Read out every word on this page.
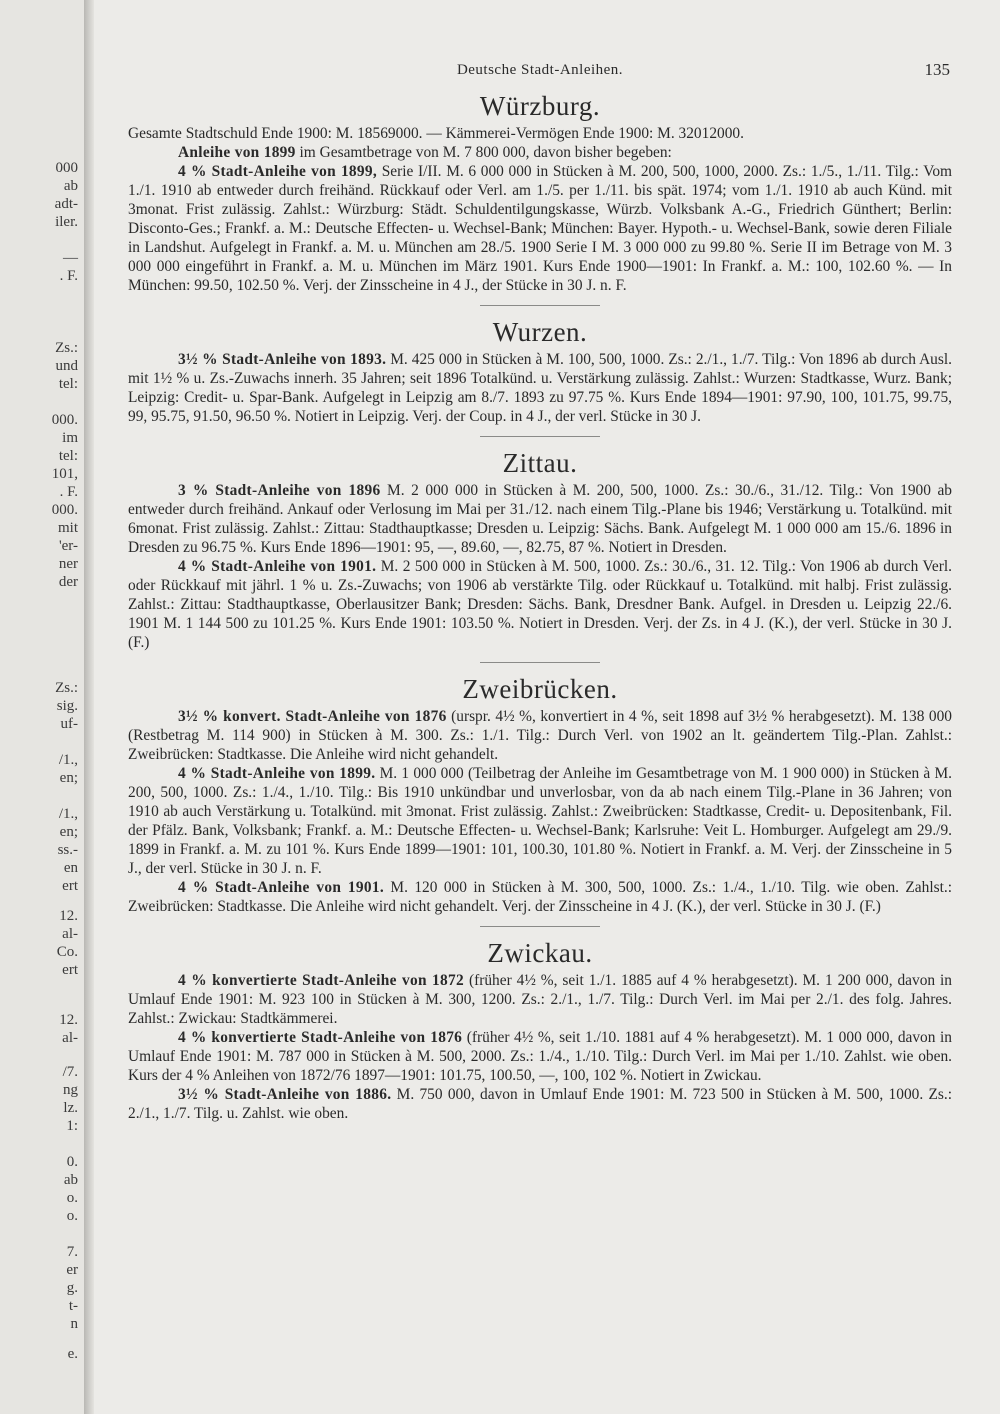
000
ab
adt-
iler.
—
. F.
Zs.:
und
tel:
000.
im
tel:
101,
. F.
000.
mit
'er-
ner
der
Zs.:
sig.
uf-
/1.,
en;
/1.,
en;
ss.-
en
ert
12.
al-
Co.
ert
12.
al-
/7.
ng
lz.
1:
0.
ab
o.
o.
7.
er
g.
t-
n
e.
Deutsche Stadt-Anleihen.	135
Würzburg.

Gesamte Stadtschuld Ende 1900: M. 18569000. — Kämmerei-Vermögen Ende 1900: M. 32012000.

Anleihe von 1899 im Gesamtbetrage von M. 7 800 000, davon bisher begeben:

4 % Stadt-Anleihe von 1899, Serie I/II. M. 6 000 000 in Stücken à M. 200, 500, 1000, 2000. Zs.: 1./5., 1./11. Tilg.: Vom 1./1. 1910 ab entweder durch freihänd. Rückkauf oder Verl. am 1./5. per 1./11. bis spät. 1974; vom 1./1. 1910 ab auch Künd. mit 3monat. Frist zulässig. Zahlst.: Würzburg: Städt. Schuldentilgungskasse, Würzb. Volksbank A.-G., Friedrich Günthert; Berlin: Disconto-Ges.; Frankf. a. M.: Deutsche Effecten- u. Wechsel-Bank; München: Bayer. Hypoth.- u. Wechsel-Bank, sowie deren Filiale in Landshut. Aufgelegt in Frankf. a. M. u. München am 28./5. 1900 Serie I M. 3 000 000 zu 99.80 %. Serie II im Betrage von M. 3 000 000 eingeführt in Frankf. a. M. u. München im März 1901. Kurs Ende 1900—1901: In Frankf. a. M.: 100, 102.60 %. — In München: 99.50, 102.50 %. Verj. der Zinsscheine in 4 J., der Stücke in 30 J. n. F.

Wurzen.

3½ % Stadt-Anleihe von 1893. M. 425 000 in Stücken à M. 100, 500, 1000. Zs.: 2./1., 1./7. Tilg.: Von 1896 ab durch Ausl. mit 1½ % u. Zs.-Zuwachs innerh. 35 Jahren; seit 1896 Totalkünd. u. Verstärkung zulässig. Zahlst.: Wurzen: Stadtkasse, Wurz. Bank; Leipzig: Credit- u. Spar-Bank. Aufgelegt in Leipzig am 8./7. 1893 zu 97.75 %. Kurs Ende 1894—1901: 97.90, 100, 101.75, 99.75, 99, 95.75, 91.50, 96.50 %. Notiert in Leipzig. Verj. der Coup. in 4 J., der verl. Stücke in 30 J.

Zittau.

3 % Stadt-Anleihe von 1896 M. 2 000 000 in Stücken à M. 200, 500, 1000. Zs.: 30./6., 31./12. Tilg.: Von 1900 ab entweder durch freihänd. Ankauf oder Verlosung im Mai per 31./12. nach einem Tilg.-Plane bis 1946; Verstärkung u. Totalkünd. mit 6monat. Frist zulässig. Zahlst.: Zittau: Stadthauptkasse; Dresden u. Leipzig: Sächs. Bank. Aufgelegt M. 1 000 000 am 15./6. 1896 in Dresden zu 96.75 %. Kurs Ende 1896—1901: 95, —, 89.60, —, 82.75, 87 %. Notiert in Dresden.

4 % Stadt-Anleihe von 1901. M. 2 500 000 in Stücken à M. 500, 1000. Zs.: 30./6., 31. 12. Tilg.: Von 1906 ab durch Verl. oder Rückkauf mit jährl. 1 % u. Zs.-Zuwachs; von 1906 ab verstärkte Tilg. oder Rückkauf u. Totalkünd. mit halbj. Frist zulässig. Zahlst.: Zittau: Stadthauptkasse, Oberlausitzer Bank; Dresden: Sächs. Bank, Dresdner Bank. Aufgel. in Dresden u. Leipzig 22./6. 1901 M. 1 144 500 zu 101.25 %. Kurs Ende 1901: 103.50 %. Notiert in Dresden. Verj. der Zs. in 4 J. (K.), der verl. Stücke in 30 J. (F.)

Zweibrücken.

3½ % konvert. Stadt-Anleihe von 1876 (urspr. 4½ %, konvertiert in 4 %, seit 1898 auf 3½ % herabgesetzt). M. 138 000 (Restbetrag M. 114 900) in Stücken à M. 300. Zs.: 1./1. Tilg.: Durch Verl. von 1902 an lt. geändertem Tilg.-Plan. Zahlst.: Zweibrücken: Stadtkasse. Die Anleihe wird nicht gehandelt.

4 % Stadt-Anleihe von 1899. M. 1 000 000 (Teilbetrag der Anleihe im Gesamtbetrage von M. 1 900 000) in Stücken à M. 200, 500, 1000. Zs.: 1./4., 1./10. Tilg.: Bis 1910 unkündbar und unverlosbar, von da ab nach einem Tilg.-Plane in 36 Jahren; von 1910 ab auch Verstärkung u. Totalkünd. mit 3monat. Frist zulässig. Zahlst.: Zweibrücken: Stadtkasse, Credit- u. Depositenbank, Fil. der Pfälz. Bank, Volksbank; Frankf. a. M.: Deutsche Effecten- u. Wechsel-Bank; Karlsruhe: Veit L. Homburger. Aufgelegt am 29./9. 1899 in Frankf. a. M. zu 101 %. Kurs Ende 1899—1901: 101, 100.30, 101.80 %. Notiert in Frankf. a. M. Verj. der Zinsscheine in 5 J., der verl. Stücke in 30 J. n. F.

4 % Stadt-Anleihe von 1901. M. 120 000 in Stücken à M. 300, 500, 1000. Zs.: 1./4., 1./10. Tilg. wie oben. Zahlst.: Zweibrücken: Stadtkasse. Die Anleihe wird nicht gehandelt. Verj. der Zinsscheine in 4 J. (K.), der verl. Stücke in 30 J. (F.)

Zwickau.

4 % konvertierte Stadt-Anleihe von 1872 (früher 4½ %, seit 1./1. 1885 auf 4 % herabgesetzt). M. 1 200 000, davon in Umlauf Ende 1901: M. 923 100 in Stücken à M. 300, 1200. Zs.: 2./1., 1./7. Tilg.: Durch Verl. im Mai per 2./1. des folg. Jahres. Zahlst.: Zwickau: Stadtkämmerei.

4 % konvertierte Stadt-Anleihe von 1876 (früher 4½ %, seit 1./10. 1881 auf 4 % herabgesetzt). M. 1 000 000, davon in Umlauf Ende 1901: M. 787 000 in Stücken à M. 500, 2000. Zs.: 1./4., 1./10. Tilg.: Durch Verl. im Mai per 1./10. Zahlst. wie oben. Kurs der 4 % Anleihen von 1872/76 1897—1901: 101.75, 100.50, —, 100, 102 %. Notiert in Zwickau.

3½ % Stadt-Anleihe von 1886. M. 750 000, davon in Umlauf Ende 1901: M. 723 500 in Stücken à M. 500, 1000. Zs.: 2./1., 1./7. Tilg. u. Zahlst. wie oben.
